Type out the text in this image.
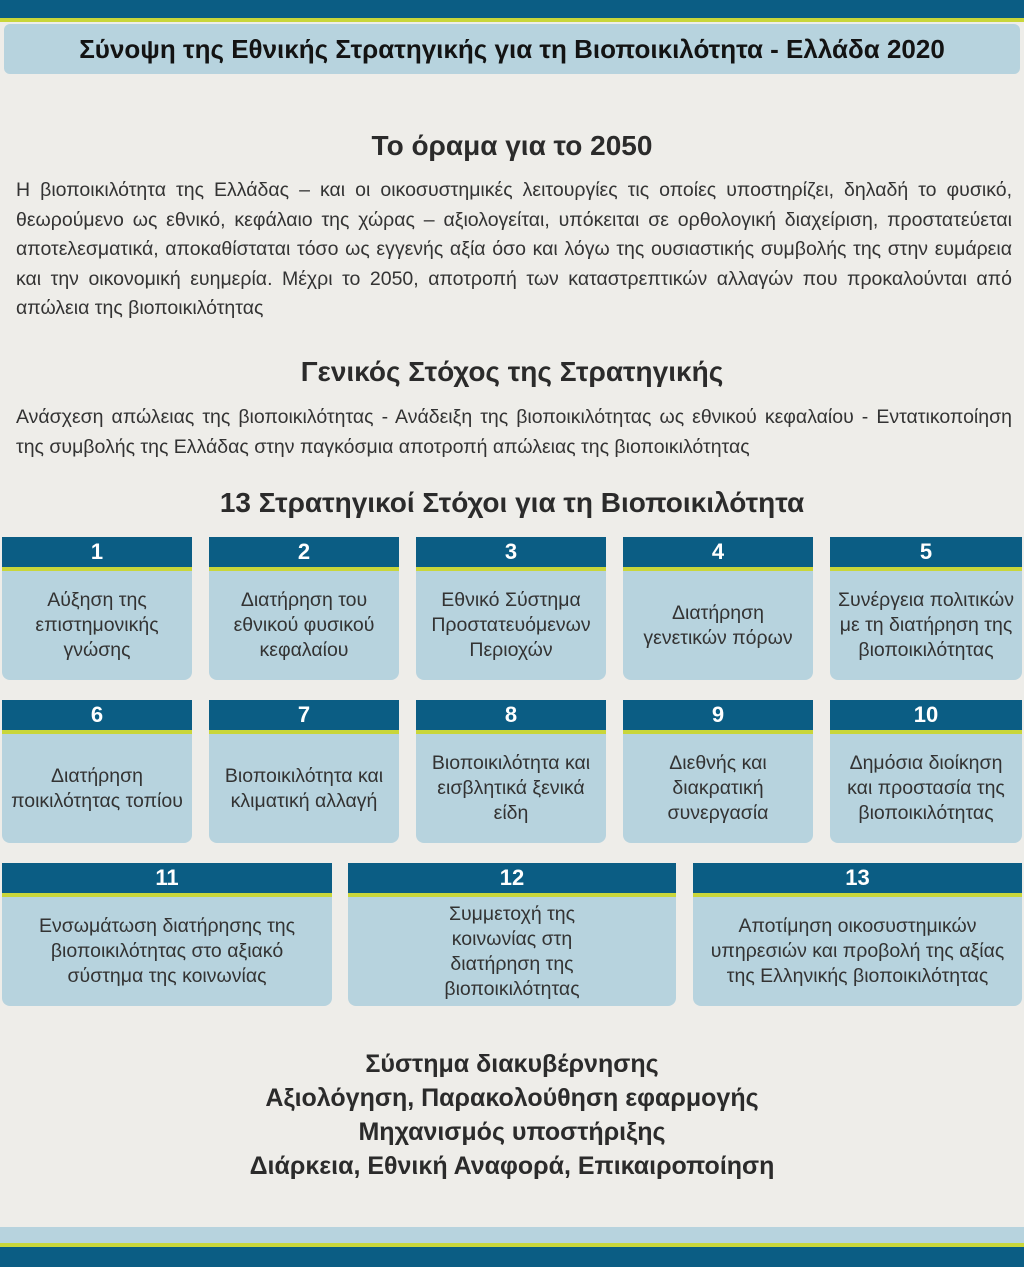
Σύνοψη της Εθνικής Στρατηγικής για τη Βιοποικιλότητα - Ελλάδα 2020
Το όραμα για το 2050
Η βιοποικιλότητα της Ελλάδας – και οι οικοσυστημικές λειτουργίες τις οποίες υποστηρίζει, δηλαδή το φυσικό, θεωρούμενο ως εθνικό, κεφάλαιο της χώρας – αξιολογείται, υπόκειται σε ορθολογική διαχείριση, προστατεύεται αποτελεσματικά, αποκαθίσταται τόσο ως εγγενής αξία όσο και λόγω της ουσιαστικής συμβολής της στην ευμάρεια και την οικονομική ευημερία. Μέχρι το 2050, αποτροπή των καταστρεπτικών αλλαγών που προκαλούνται από απώλεια της βιοποικιλότητας
Γενικός Στόχος της Στρατηγικής
Ανάσχεση απώλειας της βιοποικιλότητας - Ανάδειξη της βιοποικιλότητας ως εθνικού κεφαλαίου - Εντατικοποίηση της συμβολής της Ελλάδας στην παγκόσμια αποτροπή απώλειας της βιοποικιλότητας
13 Στρατηγικοί Στόχοι για τη Βιοποικιλότητα
1
Αύξηση της επιστημονικής γνώσης
2
Διατήρηση του εθνικού φυσικού κεφαλαίου
3
Εθνικό Σύστημα Προστατευόμενων Περιοχών
4
Διατήρηση γενετικών πόρων
5
Συνέργεια πολιτικών με τη διατήρηση της βιοποικιλότητας
6
Διατήρηση ποικιλότητας τοπίου
7
Βιοποικιλότητα και κλιματική αλλαγή
8
Βιοποικιλότητα και εισβλητικά ξενικά είδη
9
Διεθνής και διακρατική συνεργασία
10
Δημόσια διοίκηση και προστασία της βιοποικιλότητας
11
Ενσωμάτωση διατήρησης της βιοποικιλότητας στο αξιακό σύστημα της κοινωνίας
12
Συμμετοχή της κοινωνίας στη διατήρηση της βιοποικιλότητας
13
Αποτίμηση οικοσυστημικών υπηρεσιών και προβολή της αξίας της Ελληνικής βιοποικιλότητας
Σύστημα διακυβέρνησης
Αξιολόγηση, Παρακολούθηση εφαρμογής
Μηχανισμός υποστήριξης
Διάρκεια, Εθνική Αναφορά, Επικαιροποίηση
